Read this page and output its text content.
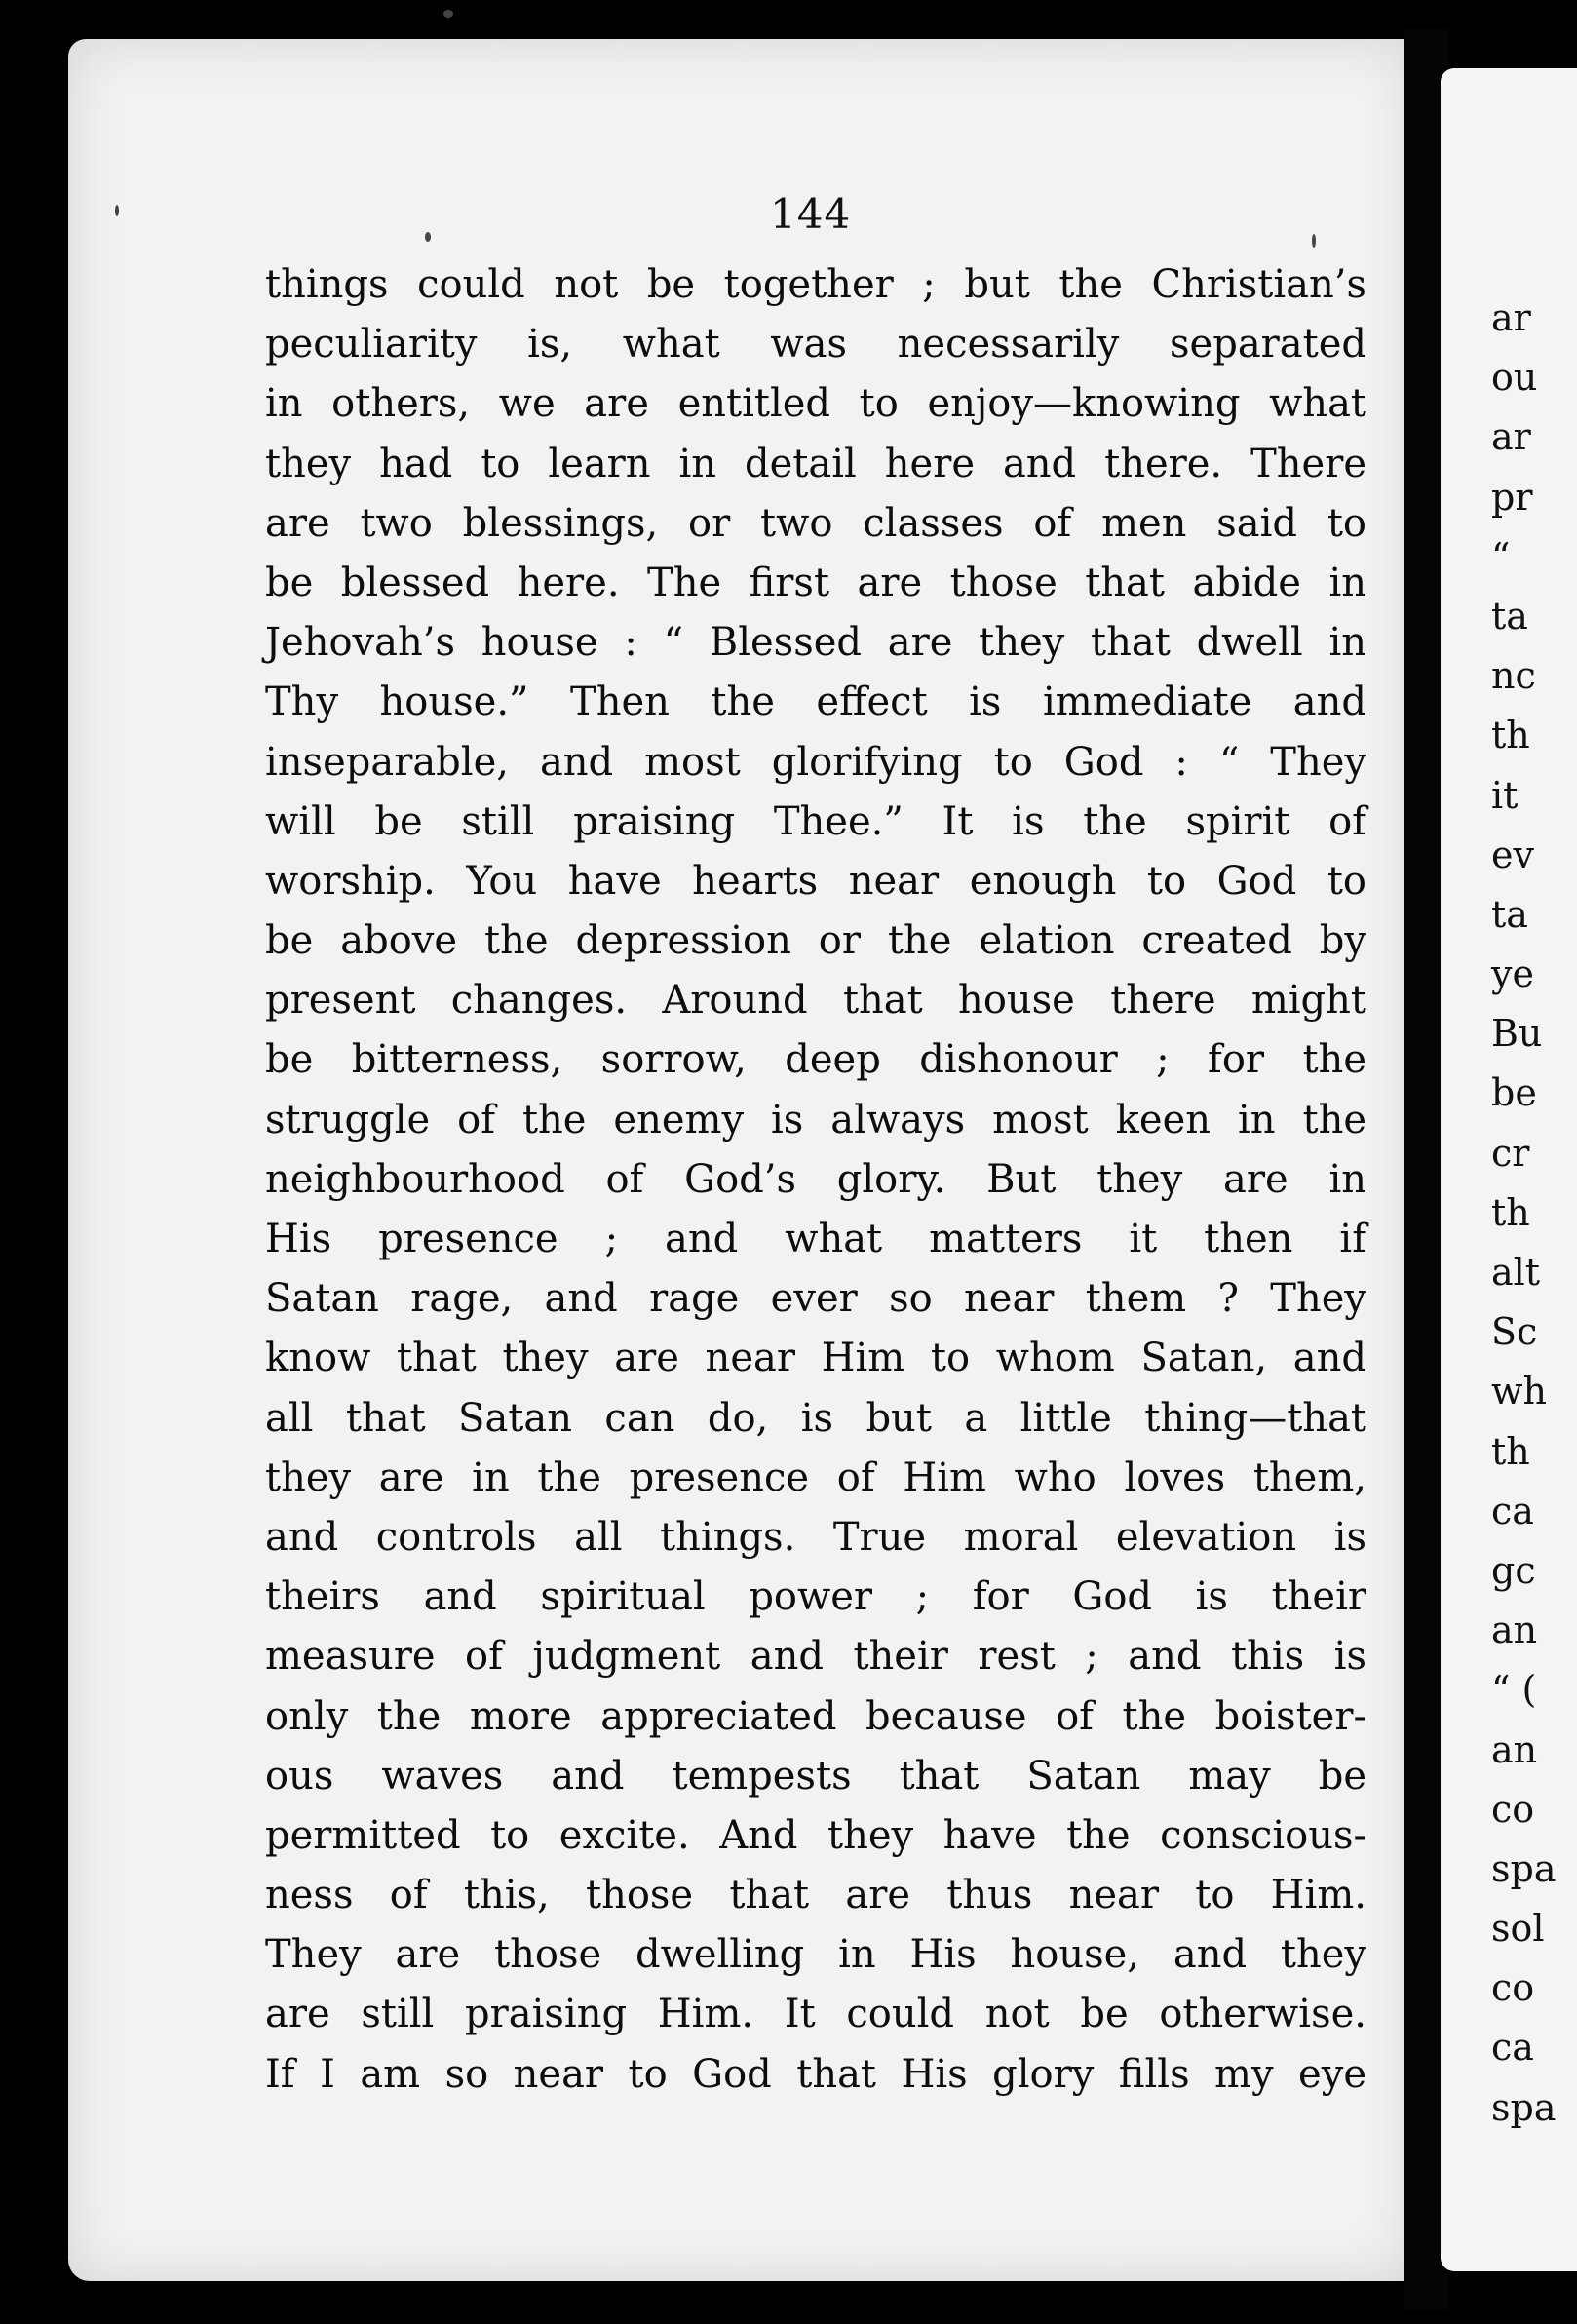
144
things could not be together ; but the Christian’s
peculiarity is, what was necessarily separated
in others, we are entitled to enjoy—knowing what
they had to learn in detail here and there. There
are two blessings, or two classes of men said to
be blessed here. The first are those that abide in
Jehovah’s house : “ Blessed are they that dwell in
Thy house.” Then the effect is immediate and
inseparable, and most glorifying to God : “ They
will be still praising Thee.” It is the spirit of
worship. You have hearts near enough to God to
be above the depression or the elation created by
present changes. Around that house there might
be bitterness, sorrow, deep dishonour ; for the
struggle of the enemy is always most keen in the
neighbourhood of God’s glory. But they are in
His presence ; and what matters it then if
Satan rage, and rage ever so near them ? They
know that they are near Him to whom Satan, and
all that Satan can do, is but a little thing—that
they are in the presence of Him who loves them,
and controls all things. True moral elevation is
theirs and spiritual power ; for God is their
measure of judgment and their rest ; and this is
only the more appreciated because of the boister-
ous waves and tempests that Satan may be
permitted to excite. And they have the conscious-
ness of this, those that are thus near to Him.
They are those dwelling in His house, and they
are still praising Him. It could not be otherwise.
If I am so near to God that His glory fills my eye
ar
ou
ar
pr
“
ta
nc
th
it
ev
ta
ye
Bu
be
cr
th
alt
Sc
wh
th
ca
gc
an
“ (
an
co
spa
sol
co
ca
spa
